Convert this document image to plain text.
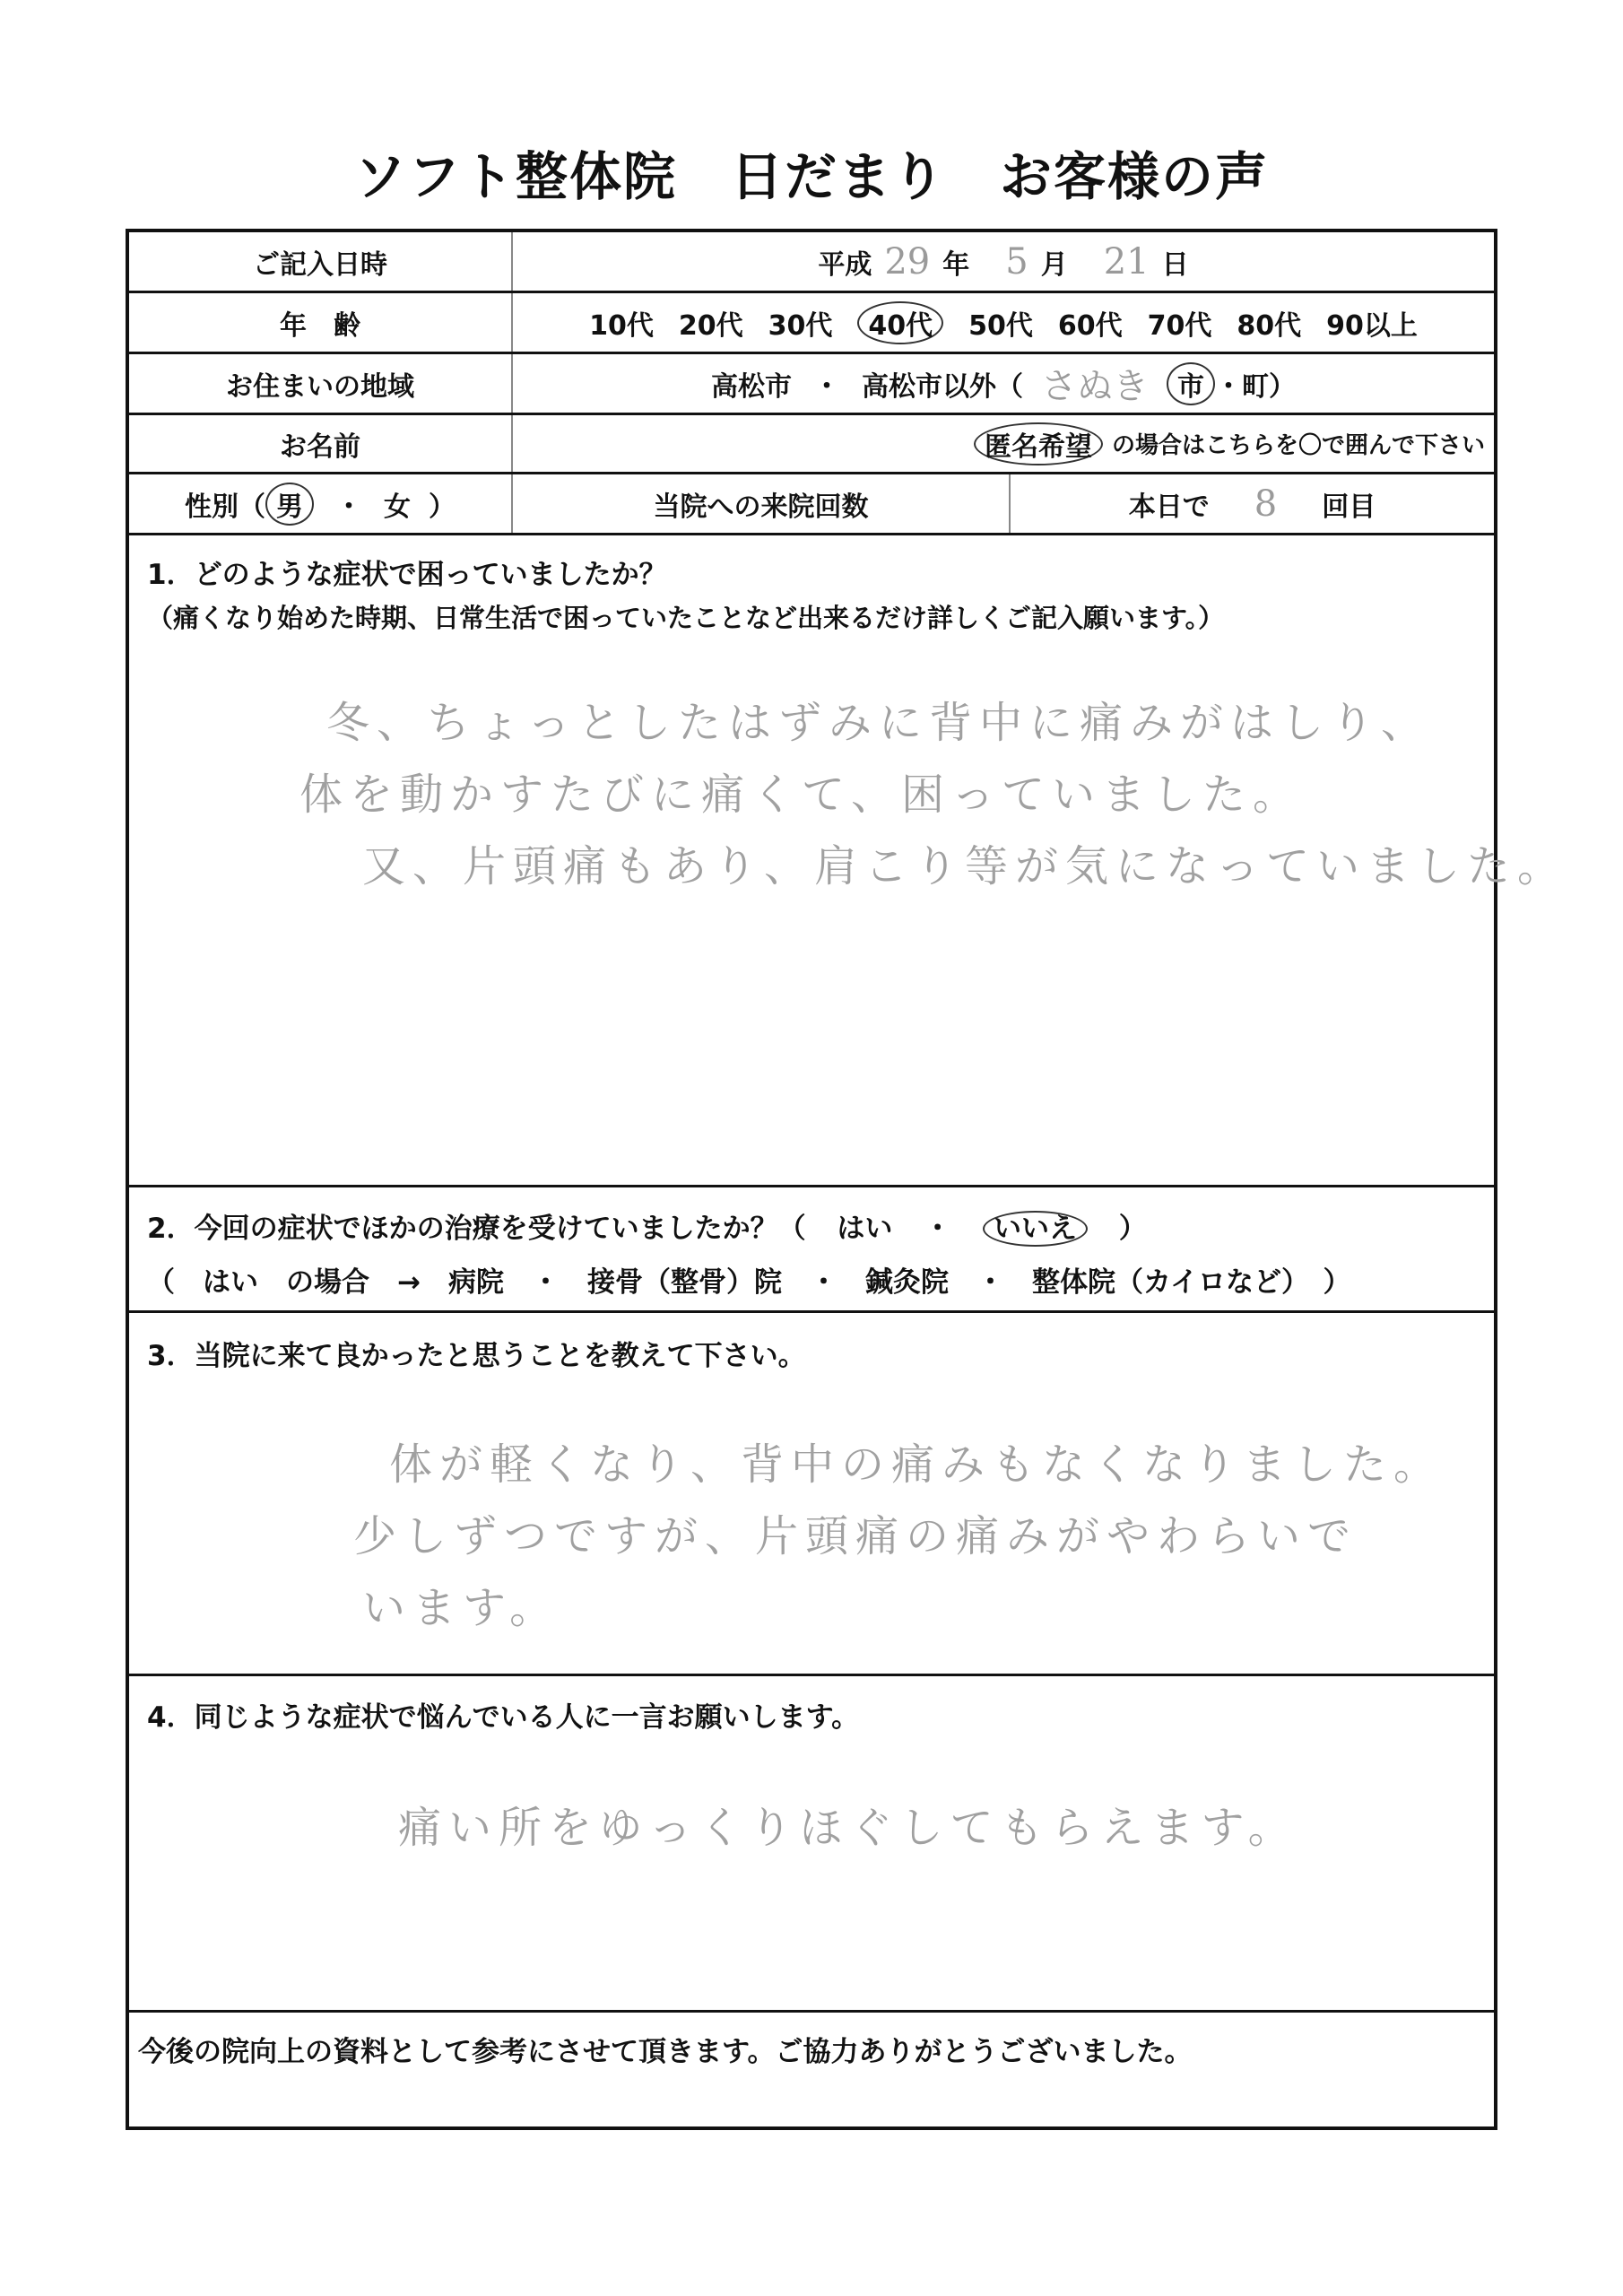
ソフト整体院　日だまり　お客様の声
ご記入日時	平成 29 年 5 月 21 日
年　齢	10代 20代 30代	40代	50代 60代 70代 80代 90以上
お住まいの地域	高松市 ・ 高松市以外（ さぬき	市 ・ 町）
お名前	匿名希望 の場合はこちらを〇で囲んで下さい
性別（ 男	・ 女 ）	当院への来院回数	本日で 8 回目
1．どのような症状で困っていましたか？
（痛くなり始めた時期、日常生活で困っていたことなど出来るだけ詳しくご記入願います。）
冬、ちょっとしたはずみに背中に痛みがはしり、
体を動かすたびに痛くて、困っていました。
又、片頭痛もあり、肩こり等が気になっていました。
2．今回の症状でほかの治療を受けていましたか？（ はい ・ いいえ ）
（　はい　の場合　→　病院　・　接骨（整骨）院　・　鍼灸院　・　整体院（カイロなど）　）
3．当院に来て良かったと思うことを教えて下さい。
体が軽くなり、背中の痛みもなくなりました。
少しずつですが、片頭痛の痛みがやわらいで
います。
4．同じような症状で悩んでいる人に一言お願いします。
痛い所をゆっくりほぐしてもらえます。
今後の院向上の資料として参考にさせて頂きます。ご協力ありがとうございました。
